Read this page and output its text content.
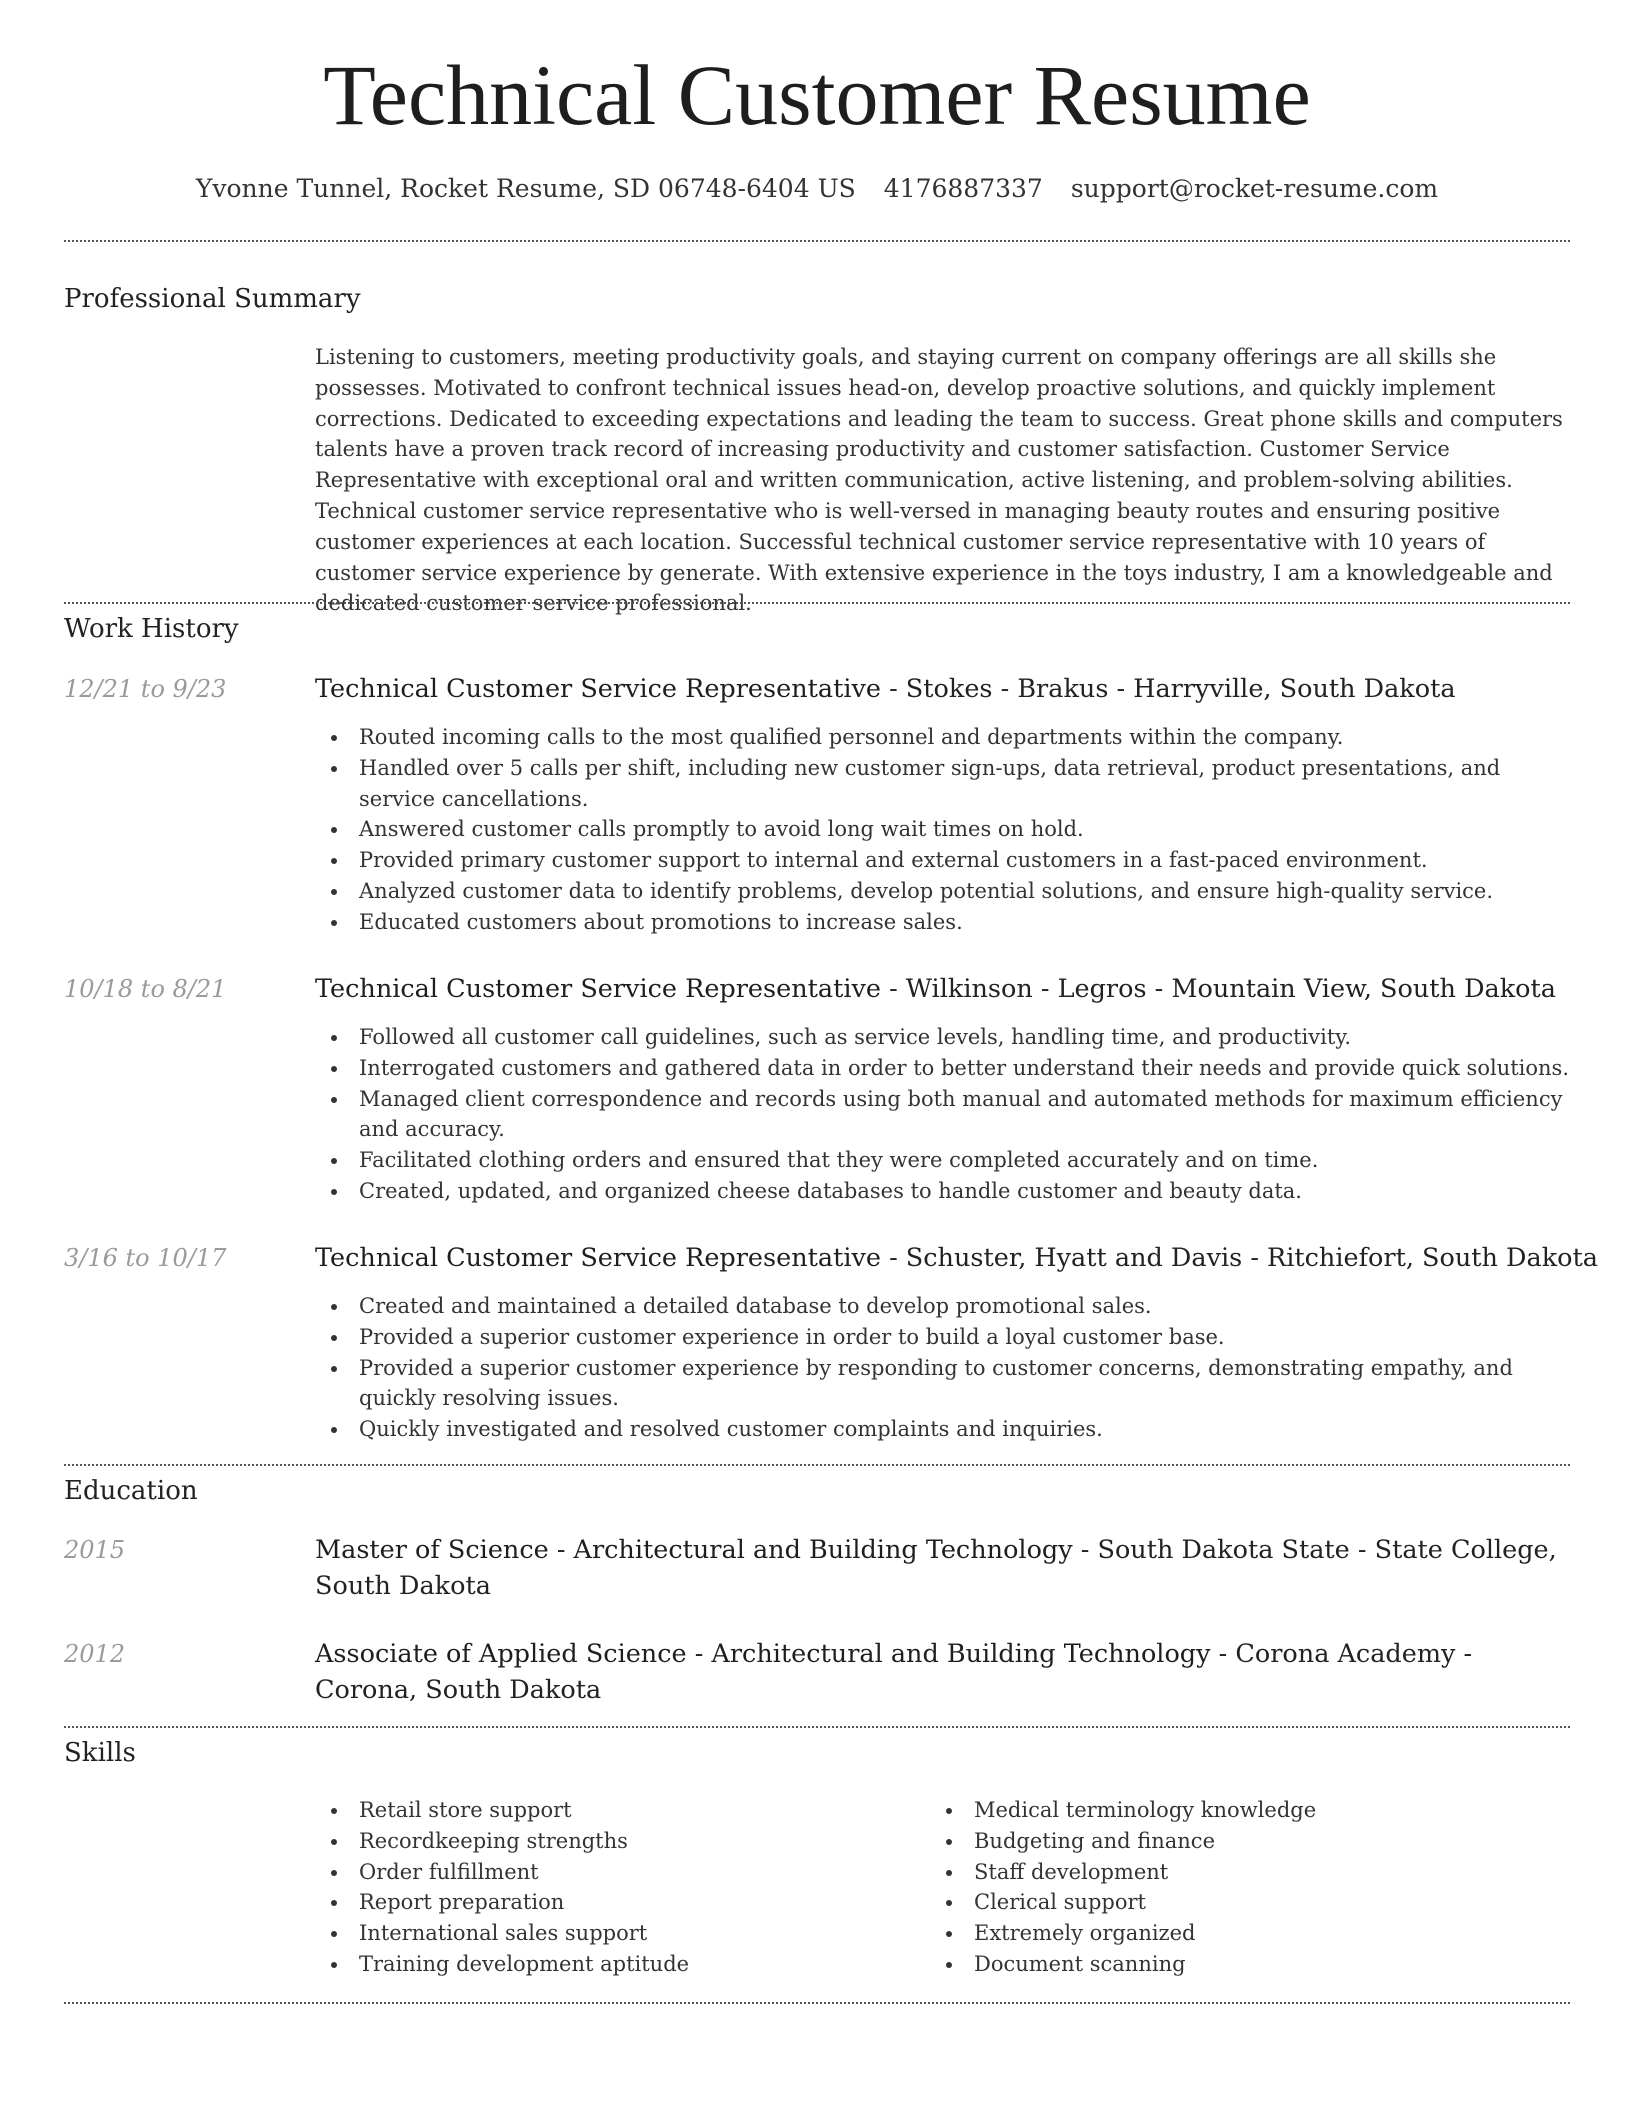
Technical Customer Resume
Yvonne Tunnel, Rocket Resume, SD 06748-6404 US 4176887337 support@rocket-resume.com
Professional Summary
Listening to customers, meeting productivity goals, and staying current on company offerings are all skills she possesses. Motivated to confront technical issues head-on, develop proactive solutions, and quickly implement corrections. Dedicated to exceeding expectations and leading the team to success. Great phone skills and computers talents have a proven track record of increasing productivity and customer satisfaction. Customer Service Representative with exceptional oral and written communication, active listening, and problem-solving abilities. Technical customer service representative who is well-versed in managing beauty routes and ensuring positive customer experiences at each location. Successful technical customer service representative with 10 years of customer service experience by generate. With extensive experience in the toys industry, I am a knowledgeable and dedicated customer service professional.
Work History
12/21 to 9/23	Technical Customer Service Representative - Stokes - Brakus - Harryville, South Dakota
Routed incoming calls to the most qualified personnel and departments within the company.
Handled over 5 calls per shift, including new customer sign-ups, data retrieval, product presentations, and service cancellations.
Answered customer calls promptly to avoid long wait times on hold.
Provided primary customer support to internal and external customers in a fast-paced environment.
Analyzed customer data to identify problems, develop potential solutions, and ensure high-quality service.
Educated customers about promotions to increase sales.
10/18 to 8/21	Technical Customer Service Representative - Wilkinson - Legros - Mountain View, South Dakota
Followed all customer call guidelines, such as service levels, handling time, and productivity.
Interrogated customers and gathered data in order to better understand their needs and provide quick solutions.
Managed client correspondence and records using both manual and automated methods for maximum efficiency and accuracy.
Facilitated clothing orders and ensured that they were completed accurately and on time.
Created, updated, and organized cheese databases to handle customer and beauty data.
3/16 to 10/17	Technical Customer Service Representative - Schuster, Hyatt and Davis - Ritchiefort, South Dakota
Created and maintained a detailed database to develop promotional sales.
Provided a superior customer experience in order to build a loyal customer base.
Provided a superior customer experience by responding to customer concerns, demonstrating empathy, and quickly resolving issues.
Quickly investigated and resolved customer complaints and inquiries.
Education
2015	Master of Science - Architectural and Building Technology - South Dakota State - State College, South Dakota
2012	Associate of Applied Science - Architectural and Building Technology - Corona Academy - Corona, South Dakota
Skills
Retail store support
Recordkeeping strengths
Order fulfillment
Report preparation
International sales support
Training development aptitude
Medical terminology knowledge
Budgeting and finance
Staff development
Clerical support
Extremely organized
Document scanning
